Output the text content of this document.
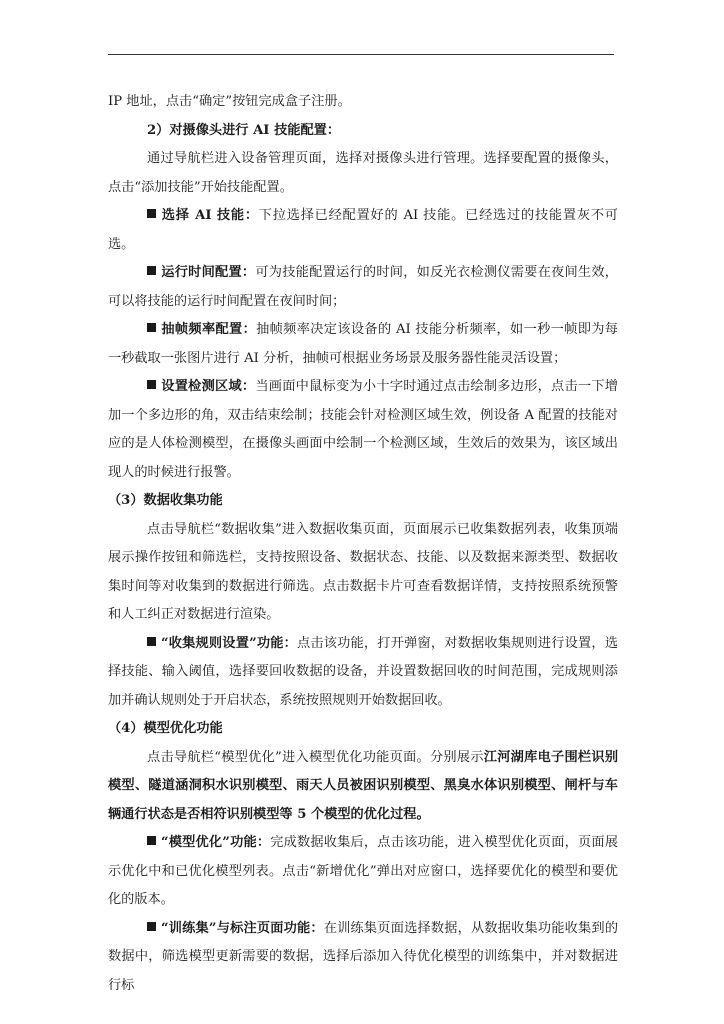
IP 地址，点击“确定”按钮完成盒子注册。

2）对摄像头进行 AI 技能配置：

通过导航栏进入设备管理页面，选择对摄像头进行管理。选择要配置的摄像头，点击“添加技能”开始技能配置。

选择 AI 技能：下拉选择已经配置好的 AI 技能。已经选过的技能置灰不可选。

运行时间配置：可为技能配置运行的时间，如反光衣检测仪需要在夜间生效，可以将技能的运行时间配置在夜间时间；

抽帧频率配置：抽帧频率决定该设备的 AI 技能分析频率，如一秒一帧即为每一秒截取一张图片进行 AI 分析，抽帧可根据业务场景及服务器性能灵活设置；

设置检测区域：当画面中鼠标变为小十字时通过点击绘制多边形，点击一下增加一个多边形的角，双击结束绘制；技能会针对检测区域生效，例设备 A 配置的技能对应的是人体检测模型，在摄像头画面中绘制一个检测区域，生效后的效果为，该区域出现人的时候进行报警。

（3）数据收集功能

点击导航栏“数据收集”进入数据收集页面，页面展示已收集数据列表，收集顶端展示操作按钮和筛选栏，支持按照设备、数据状态、技能、以及数据来源类型、数据收集时间等对收集到的数据进行筛选。点击数据卡片可查看数据详情，支持按照系统预警和人工纠正对数据进行渲染。

“收集规则设置”功能：点击该功能，打开弹窗，对数据收集规则进行设置，选择技能、输入阈值，选择要回收数据的设备，并设置数据回收的时间范围，完成规则添加并确认规则处于开启状态，系统按照规则开始数据回收。

（4）模型优化功能

点击导航栏“模型优化”进入模型优化功能页面。分别展示江河湖库电子围栏识别模型、隧道涵洞积水识别模型、雨天人员被困识别模型、黑臭水体识别模型、闸杆与车辆通行状态是否相符识别模型等 5 个模型的优化过程。

“模型优化”功能：完成数据收集后，点击该功能，进入模型优化页面，页面展示优化中和已优化模型列表。点击“新增优化”弹出对应窗口，选择要优化的模型和要优化的版本。

“训练集”与标注页面功能：在训练集页面选择数据，从数据收集功能收集到的数据中，筛选模型更新需要的数据，选择后添加入待优化模型的训练集中，并对数据进行标
